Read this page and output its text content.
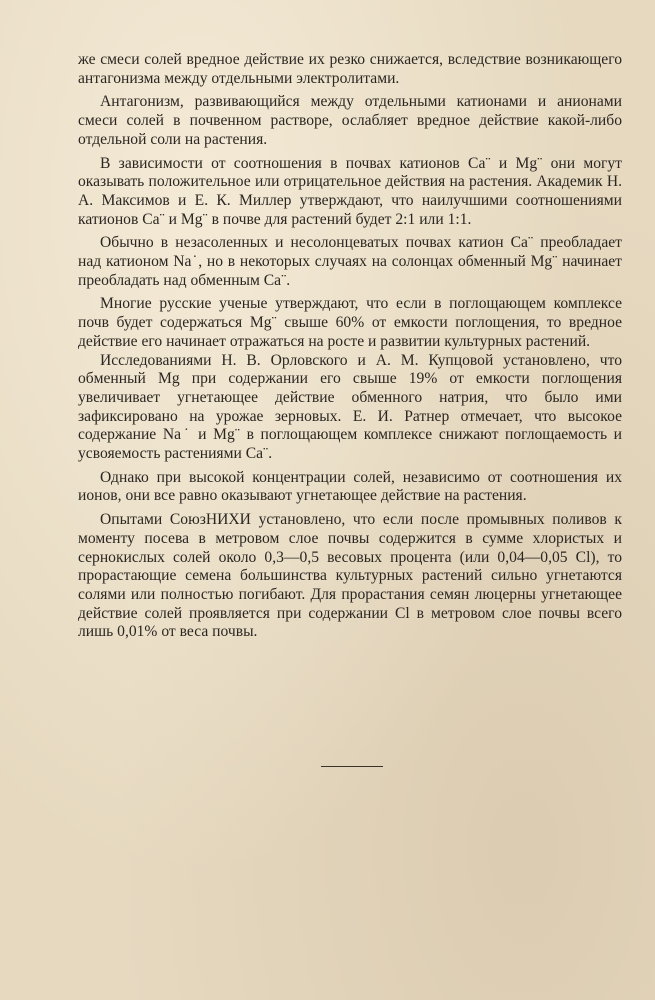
же смеси солей вредное действие их резко снижается, вследствие возникающего антагонизма между отдельными электролитами.

Антагонизм, развивающийся между отдельными катионами и анионами смеси солей в почвенном растворе, ослабляет вредное действие какой-либо отдельной соли на растения.

В зависимости от соотношения в почвах катионов Ca¨ и Mg¨ они могут оказывать положительное или отрицательное действия на растения. Академик Н. А. Максимов и Е. К. Миллер утверждают, что наилучшими соотношениями катионов Ca¨ и Mg¨ в почве для растений будет 2:1 или 1:1.

Обычно в незасоленных и несолонцеватых почвах катион Ca¨ преобладает над катионом Na˙, но в некоторых случаях на солонцах обменный Mg¨ начинает преобладать над обменным Ca¨.

Многие русские ученые утверждают, что если в поглощающем комплексе почв будет содержаться Mg¨ свыше 60% от емкости поглощения, то вредное действие его начинает отражаться на росте и развитии культурных растений.

Исследованиями Н. В. Орловского и А. М. Купцовой установлено, что обменный Mg при содержании его свыше 19% от емкости поглощения увеличивает угнетающее действие обменного натрия, что было ими зафиксировано на урожае зерновых. Е. И. Ратнер отмечает, что высокое содержание Na˙ и Mg¨ в поглощающем комплексе снижают поглощаемость и усвояемость растениями Ca¨.

Однако при высокой концентрации солей, независимо от соотношения их ионов, они все равно оказывают угнетающее действие на растения.

Опытами СоюзНИХИ установлено, что если после промывных поливов к моменту посева в метровом слое почвы содержится в сумме хлористых и сернокислых солей около 0,3—0,5 весовых процента (или 0,04—0,05 Cl), то прорастающие семена большинства культурных растений сильно угнетаются солями или полностью погибают. Для прорастания семян люцерны угнетающее действие солей проявляется при содержании Cl в метровом слое почвы всего лишь 0,01% от веса почвы.
